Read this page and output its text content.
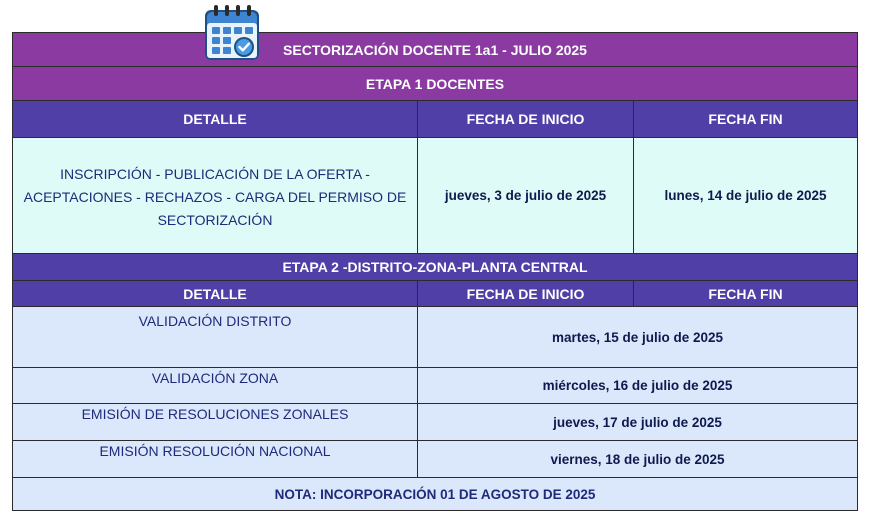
SECTORIZACIÓN DOCENTE 1a1 - JULIO 2025		
ETAPA 1 DOCENTES		
DETALLE	FECHA DE INICIO	FECHA FIN
INSCRIPCIÓN - PUBLICACIÓN DE LA OFERTA - ACEPTACIONES - RECHAZOS - CARGA DEL PERMISO DE SECTORIZACIÓN	jueves, 3 de julio de 2025	lunes, 14 de julio de 2025
ETAPA 2 -DISTRITO-ZONA-PLANTA CENTRAL		
DETALLE	FECHA DE INICIO	FECHA FIN
VALIDACIÓN DISTRITO	martes, 15 de julio de 2025	
VALIDACIÓN ZONA	miércoles, 16 de julio de 2025	
EMISIÓN DE RESOLUCIONES ZONALES	jueves, 17 de julio de 2025	
EMISIÓN RESOLUCIÓN NACIONAL	viernes, 18 de julio de 2025	
NOTA: INCORPORACIÓN 01 DE AGOSTO DE 2025		
